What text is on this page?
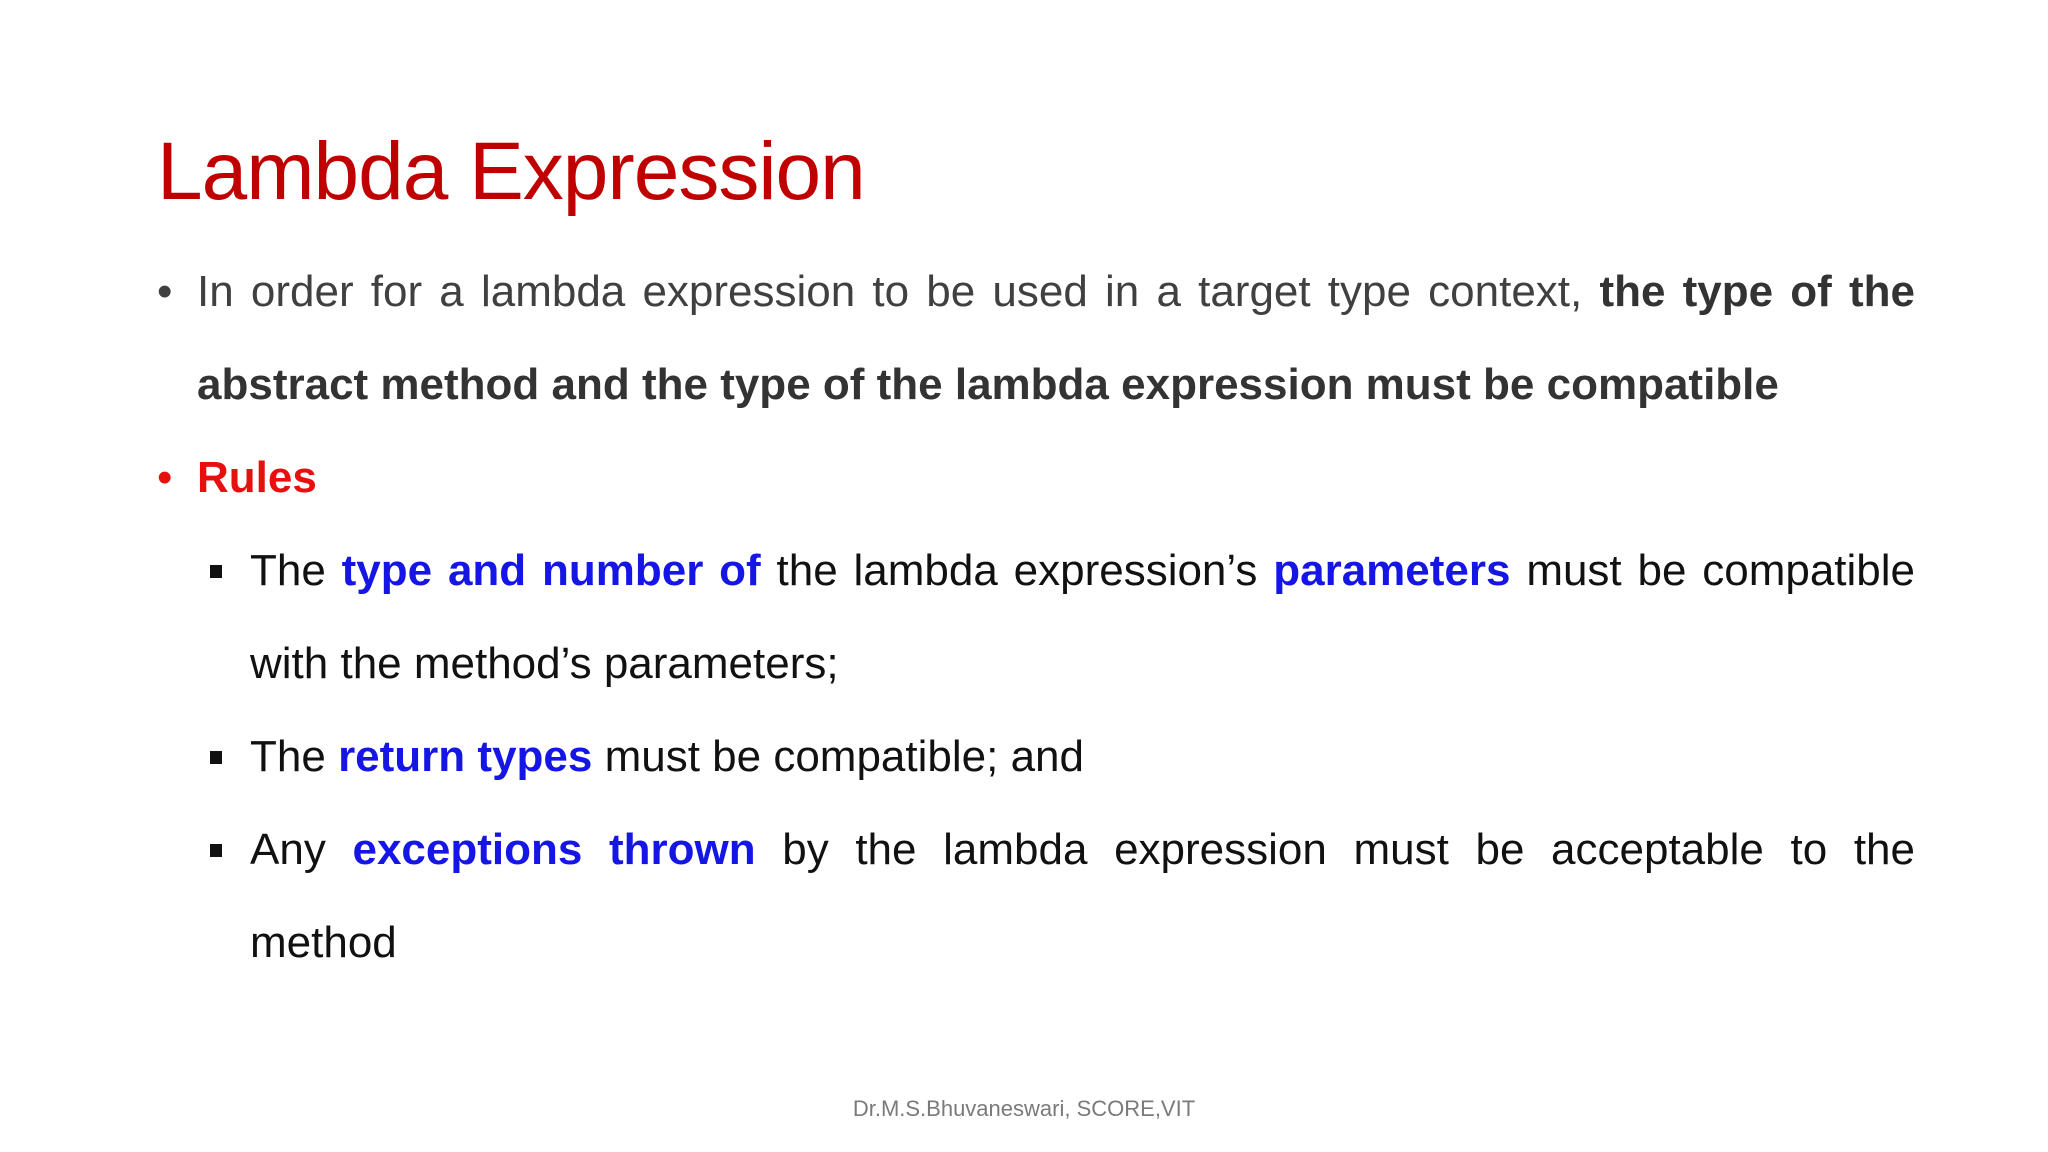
Lambda Expression
• In order for a lambda expression to be used in a target type context, the type of the abstract method and the type of the lambda expression must be compatible
• Rules
The type and number of the lambda expression’s parameters must be compatible with the method’s parameters;
The return types must be compatible; and
Any exceptions thrown by the lambda expression must be acceptable to the method
Dr.M.S.Bhuvaneswari, SCORE,VIT
